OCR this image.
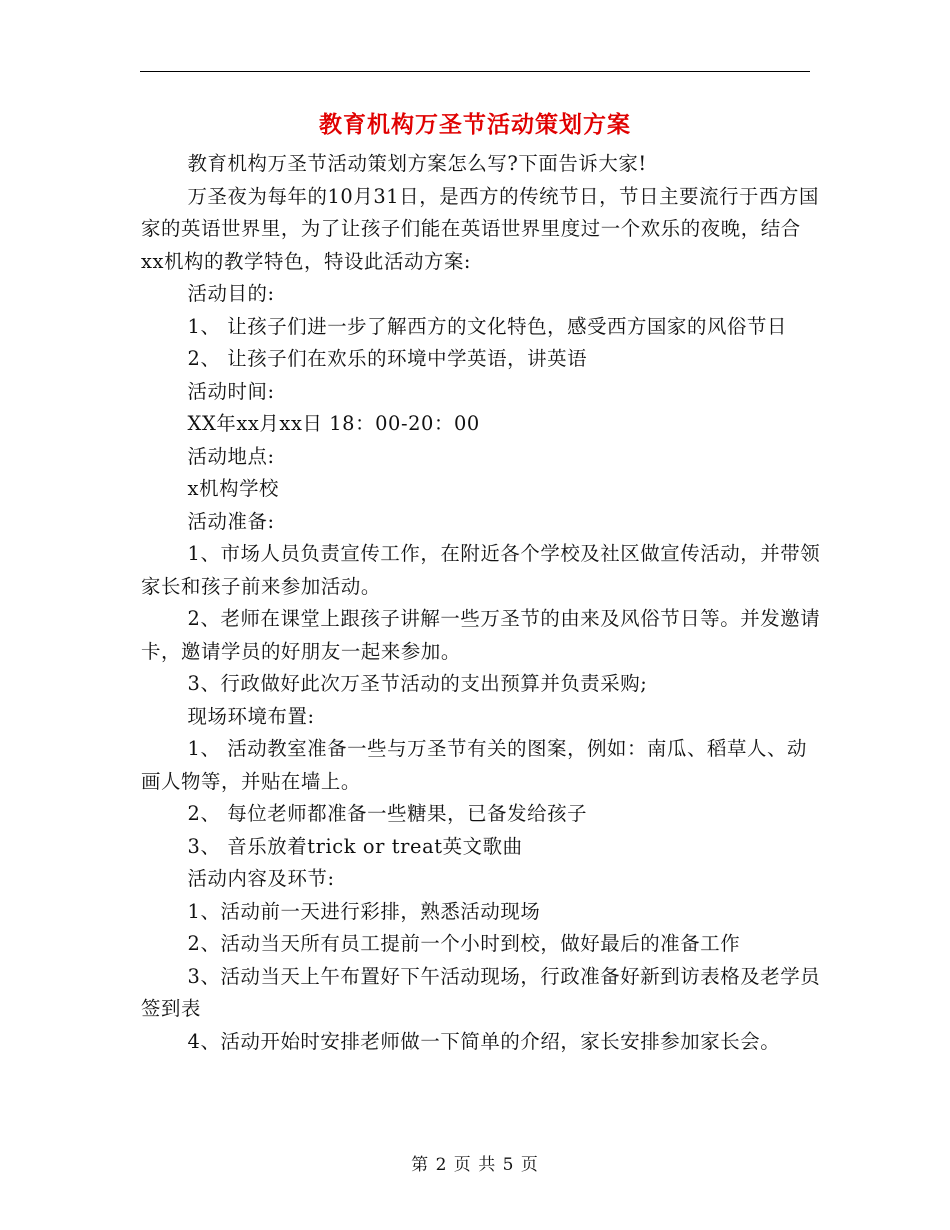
教育机构万圣节活动策划方案

教育机构万圣节活动策划方案怎么写?下面告诉大家!

万圣夜为每年的10月31日，是西方的传统节日，节日主要流行于西方国家的英语世界里，为了让孩子们能在英语世界里度过一个欢乐的夜晚，结合xx机构的教学特色，特设此活动方案:

活动目的:

1、 让孩子们进一步了解西方的文化特色，感受西方国家的风俗节日

2、 让孩子们在欢乐的环境中学英语，讲英语

活动时间:

XX年xx月xx日 18：00-20：00

活动地点:

x机构学校

活动准备:

1、市场人员负责宣传工作，在附近各个学校及社区做宣传活动，并带领家长和孩子前来参加活动。

2、老师在课堂上跟孩子讲解一些万圣节的由来及风俗节日等。并发邀请卡，邀请学员的好朋友一起来参加。

3、行政做好此次万圣节活动的支出预算并负责采购;

现场环境布置:

1、 活动教室准备一些与万圣节有关的图案，例如：南瓜、稻草人、动画人物等，并贴在墙上。

2、 每位老师都准备一些糖果，已备发给孩子

3、 音乐放着trick or treat英文歌曲

活动内容及环节:

1、活动前一天进行彩排，熟悉活动现场

2、活动当天所有员工提前一个小时到校，做好最后的准备工作

3、活动当天上午布置好下午活动现场，行政准备好新到访表格及老学员签到表

4、活动开始时安排老师做一下简单的介绍，家长安排参加家长会。

第 2 页 共 5 页
